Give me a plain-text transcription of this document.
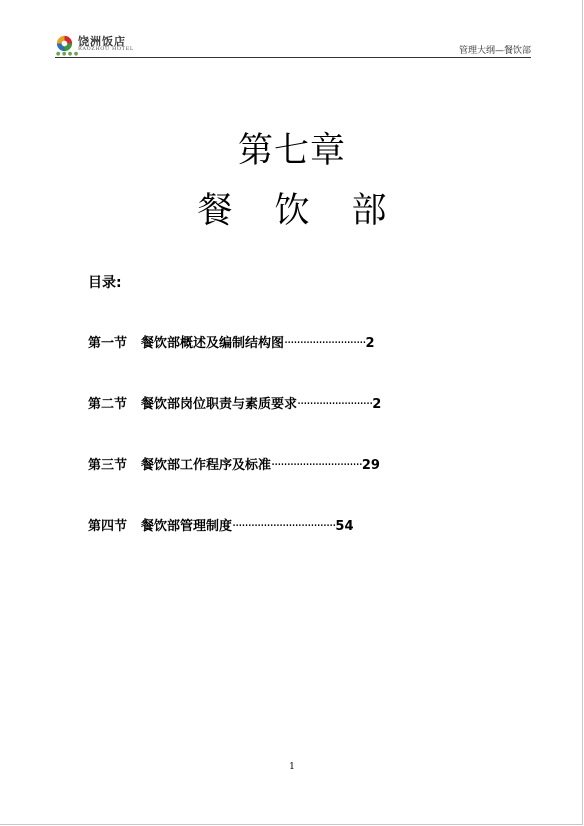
饶洲饭店
RAOZHOU HOTEL
● ● ● ●	管理大纲—餐饮部
第七章
餐饮部
目录:
第一节 餐饮部概述及编制结构图··························2
第二节 餐饮部岗位职责与素质要求························2
第三节 餐饮部工作程序及标准·····························29
第四节 餐饮部管理制度·································54
1
